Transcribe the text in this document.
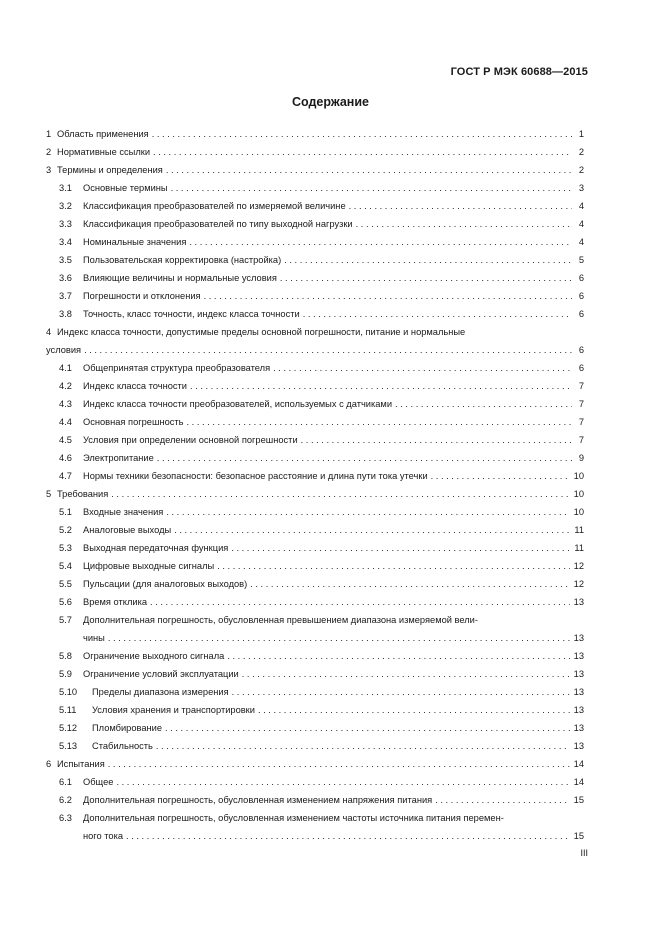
ГОСТ Р МЭК 60688—2015
Содержание
1 Область применения . . .	1
2 Нормативные ссылки . . .	2
3 Термины и определения . . .	2
3.1	Основные термины . . .	3
3.2	Классификация преобразователей по измеряемой величине . . .	4
3.3	Классификация преобразователей по типу выходной нагрузки . . .	4
3.4	Номинальные значения . . .	4
3.5	Пользовательская корректировка (настройка) . . .	5
3.6	Влияющие величины и нормальные условия . . .	6
3.7	Погрешности и отклонения . . .	6
3.8	Точность, класс точности, индекс класса точности . . .	6
4 Индекс класса точности, допустимые пределы основной погрешности, питание и нормальные
условия . . .	6
4.1	Общепринятая структура преобразователя . . .	6
4.2	Индекс класса точности . . .	7
4.3	Индекс класса точности преобразователей, используемых с датчиками . . .	7
4.4	Основная погрешность . . .	7
4.5	Условия при определении основной погрешности . . .	7
4.6	Электропитание . . .	9
4.7	Нормы техники безопасности: безопасное расстояние и длина пути тока утечки . . .	10
5 Требования . . .	10
5.1	Входные значения . . .	10
5.2	Аналоговые выходы . . .	11
5.3	Выходная передаточная функция . . .	11
5.4	Цифровые выходные сигналы . . .	12
5.5	Пульсации (для аналоговых выходов) . . .	12
5.6	Время отклика . . .	13
5.7 Дополнительная погрешность, обусловленная превышением диапазона измеряемой вели-
чины . . .	13
5.8	Ограничение выходного сигнала . . .	13
5.9	Ограничение условий эксплуатации . . .	13
5.10	Пределы диапазона измерения . . .	13
5.11	Условия хранения и транспортировки . . .	13
5.12	Пломбирование . . .	13
5.13	Стабильность . . .	13
6 Испытания . . .	14
6.1	Общее . . .	14
6.2	Дополнительная погрешность, обусловленная изменением напряжения питания . . .	15
6.3 Дополнительная погрешность, обусловленная изменением частоты источника питания перемен-
ного тока . . .	15
III
